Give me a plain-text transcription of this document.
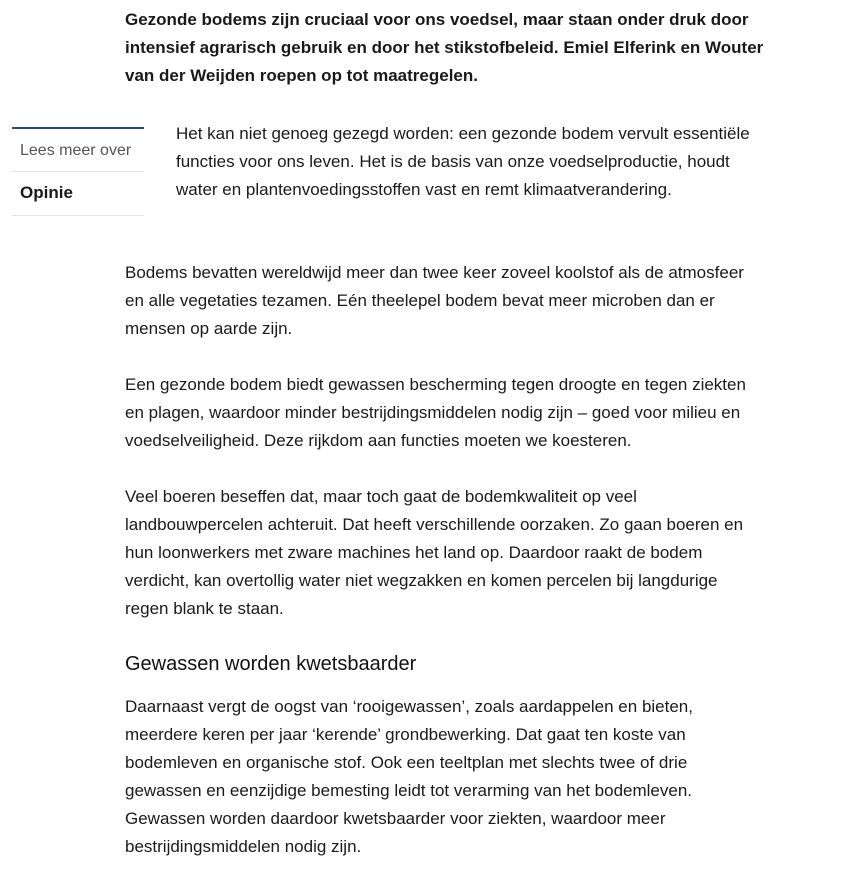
Gezonde bodems zijn cruciaal voor ons voedsel, maar staan onder druk door intensief agrarisch gebruik en door het stikstofbeleid. Emiel Elferink en Wouter van der Weijden roepen op tot maatregelen.

Lees meer over
Opinie

Het kan niet genoeg gezegd worden: een gezonde bodem vervult essentiële functies voor ons leven. Het is de basis van onze voedselproductie, houdt water en plantenvoedingsstoffen vast en remt klimaatverandering.

Bodems bevatten wereldwijd meer dan twee keer zoveel koolstof als de atmosfeer en alle vegetaties tezamen. Eén theelepel bodem bevat meer microben dan er mensen op aarde zijn.

Een gezonde bodem biedt gewassen bescherming tegen droogte en tegen ziekten en plagen, waardoor minder bestrijdingsmiddelen nodig zijn – goed voor milieu en voedselveiligheid. Deze rijkdom aan functies moeten we koesteren.

Veel boeren beseffen dat, maar toch gaat de bodemkwaliteit op veel landbouwpercelen achteruit. Dat heeft verschillende oorzaken. Zo gaan boeren en hun loonwerkers met zware machines het land op. Daardoor raakt de bodem verdicht, kan overtollig water niet wegzakken en komen percelen bij langdurige regen blank te staan.

Gewassen worden kwetsbaarder

Daarnaast vergt de oogst van ‘rooigewassen’, zoals aardappelen en bieten, meerdere keren per jaar ‘kerende’ grondbewerking. Dat gaat ten koste van bodemleven en organische stof. Ook een teeltplan met slechts twee of drie gewassen en eenzijdige bemesting leidt tot verarming van het bodemleven. Gewassen worden daardoor kwetsbaarder voor ziekten, waardoor meer bestrijdingsmiddelen nodig zijn.
